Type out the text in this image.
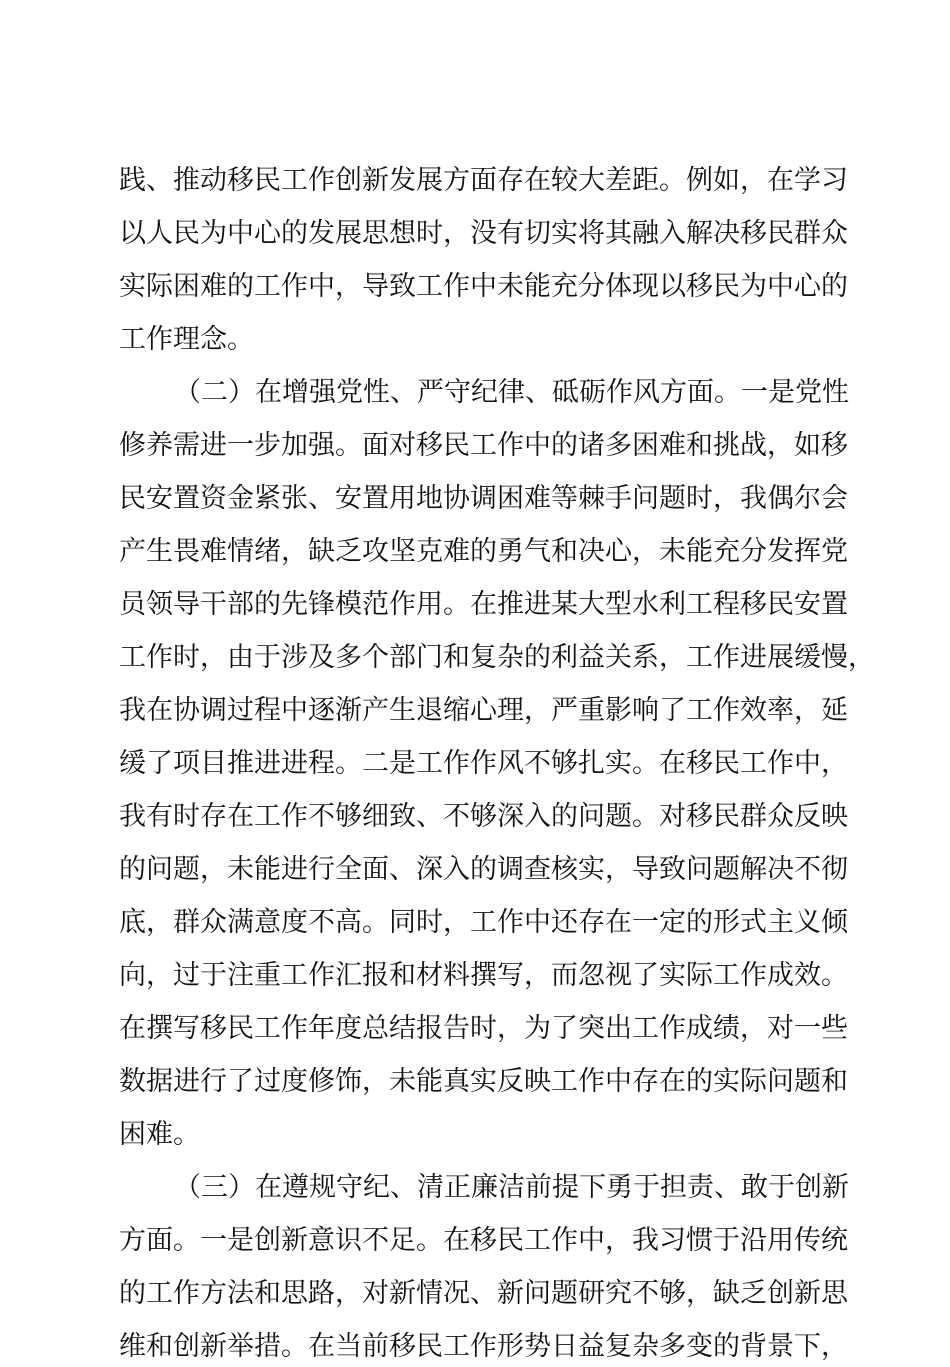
践、推动移民工作创新发展方面存在较大差距。例如，在学习
以人民为中心的发展思想时，没有切实将其融入解决移民群众
实际困难的工作中，导致工作中未能充分体现以移民为中心的
工作理念。
（二）在增强党性、严守纪律、砥砺作风方面。一是党性
修养需进一步加强。面对移民工作中的诸多困难和挑战，如移
民安置资金紧张、安置用地协调困难等棘手问题时，我偶尔会
产生畏难情绪，缺乏攻坚克难的勇气和决心，未能充分发挥党
员领导干部的先锋模范作用。在推进某大型水利工程移民安置
工作时，由于涉及多个部门和复杂的利益关系，工作进展缓慢，
我在协调过程中逐渐产生退缩心理，严重影响了工作效率，延
缓了项目推进进程。二是工作作风不够扎实。在移民工作中，
我有时存在工作不够细致、不够深入的问题。对移民群众反映
的问题，未能进行全面、深入的调查核实，导致问题解决不彻
底，群众满意度不高。同时，工作中还存在一定的形式主义倾
向，过于注重工作汇报和材料撰写，而忽视了实际工作成效。
在撰写移民工作年度总结报告时，为了突出工作成绩，对一些
数据进行了过度修饰，未能真实反映工作中存在的实际问题和
困难。
（三）在遵规守纪、清正廉洁前提下勇于担责、敢于创新
方面。一是创新意识不足。在移民工作中，我习惯于沿用传统
的工作方法和思路，对新情况、新问题研究不够，缺乏创新思
维和创新举措。在当前移民工作形势日益复杂多变的背景下，
